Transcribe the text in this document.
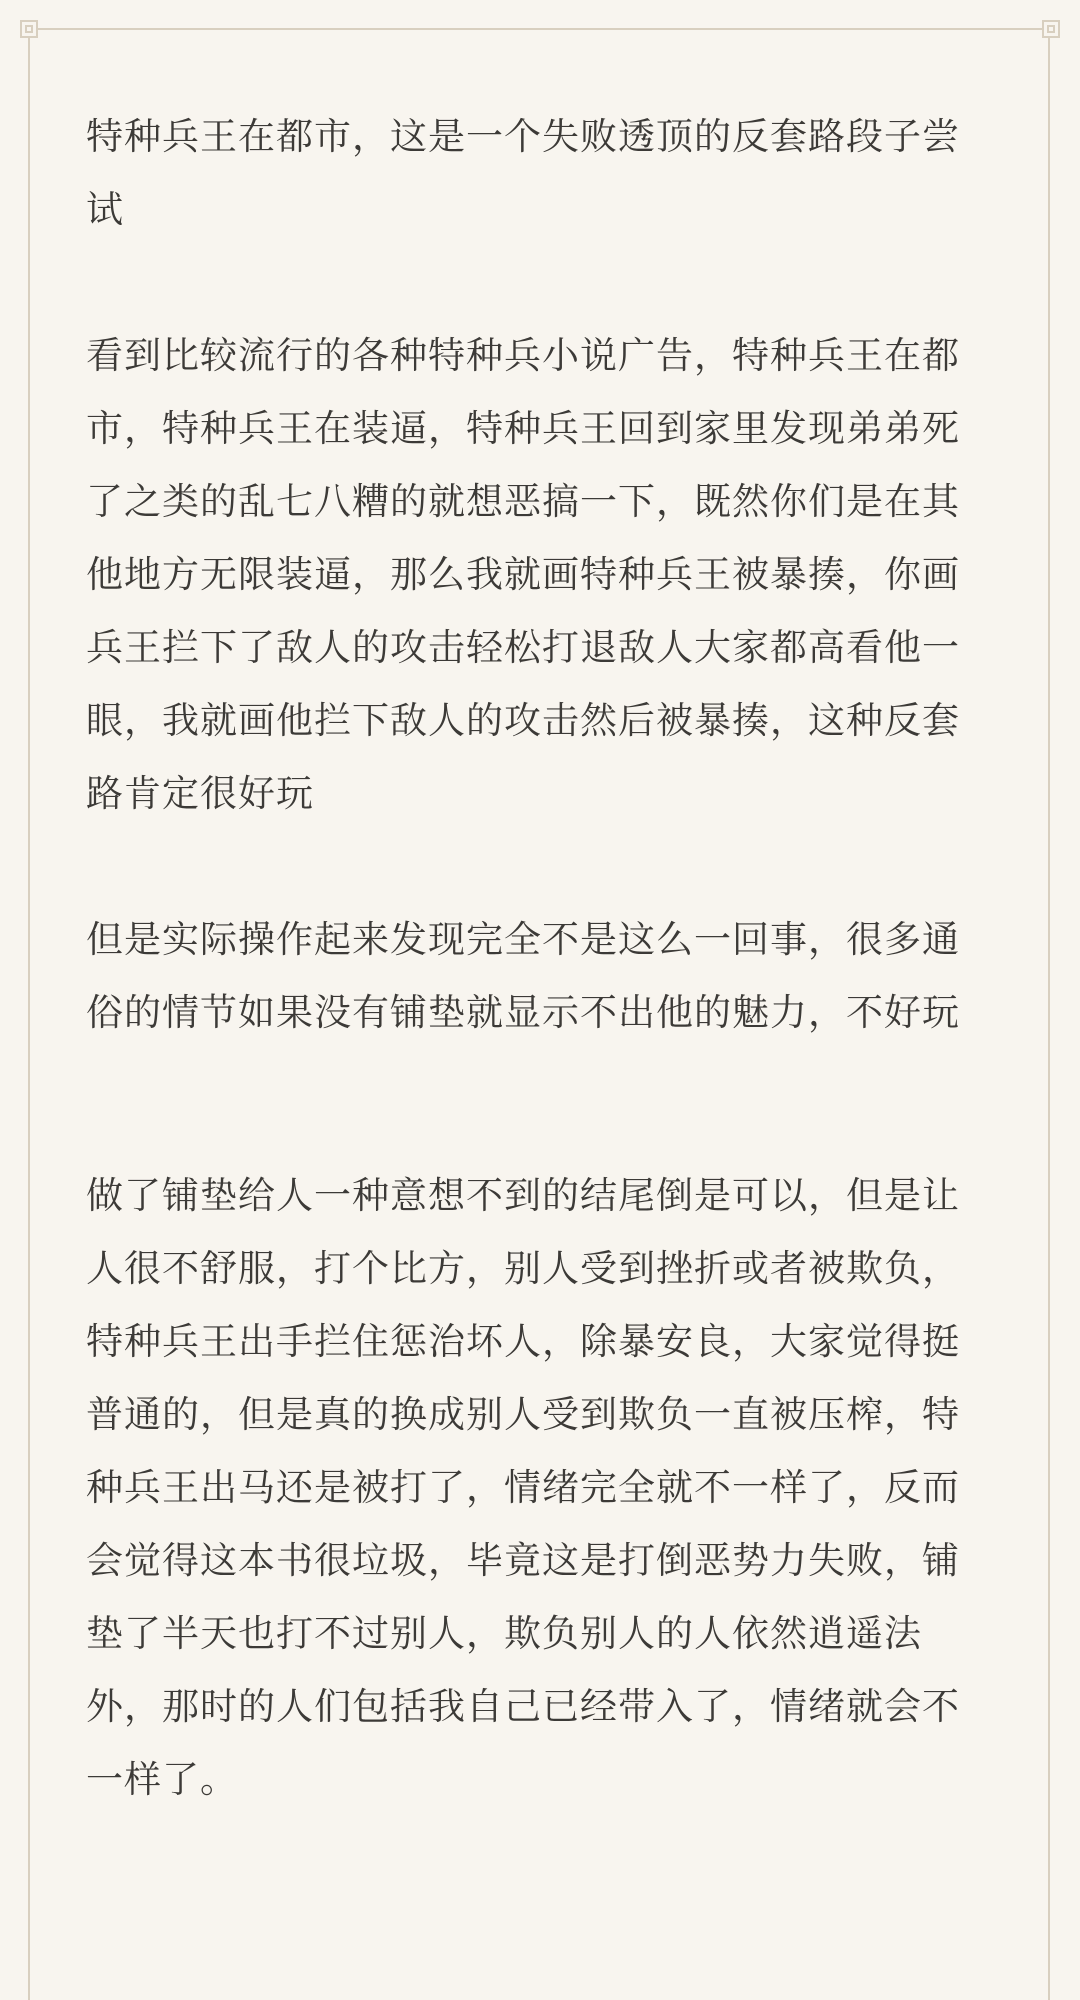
特种兵王在都市，这是一个失败透顶的反套路段子尝试

看到比较流行的各种特种兵小说广告，特种兵王在都市，特种兵王在装逼，特种兵王回到家里发现弟弟死了之类的乱七八糟的就想恶搞一下，既然你们是在其他地方无限装逼，那么我就画特种兵王被暴揍，你画兵王拦下了敌人的攻击轻松打退敌人大家都高看他一眼，我就画他拦下敌人的攻击然后被暴揍，这种反套路肯定很好玩

但是实际操作起来发现完全不是这么一回事，很多通俗的情节如果没有铺垫就显示不出他的魅力，不好玩

做了铺垫给人一种意想不到的结尾倒是可以，但是让人很不舒服，打个比方，别人受到挫折或者被欺负，特种兵王出手拦住惩治坏人，除暴安良，大家觉得挺普通的，但是真的换成别人受到欺负一直被压榨，特种兵王出马还是被打了，情绪完全就不一样了，反而会觉得这本书很垃圾，毕竟这是打倒恶势力失败，铺垫了半天也打不过别人，欺负别人的人依然逍遥法外，那时的人们包括我自己已经带入了，情绪就会不一样了。
